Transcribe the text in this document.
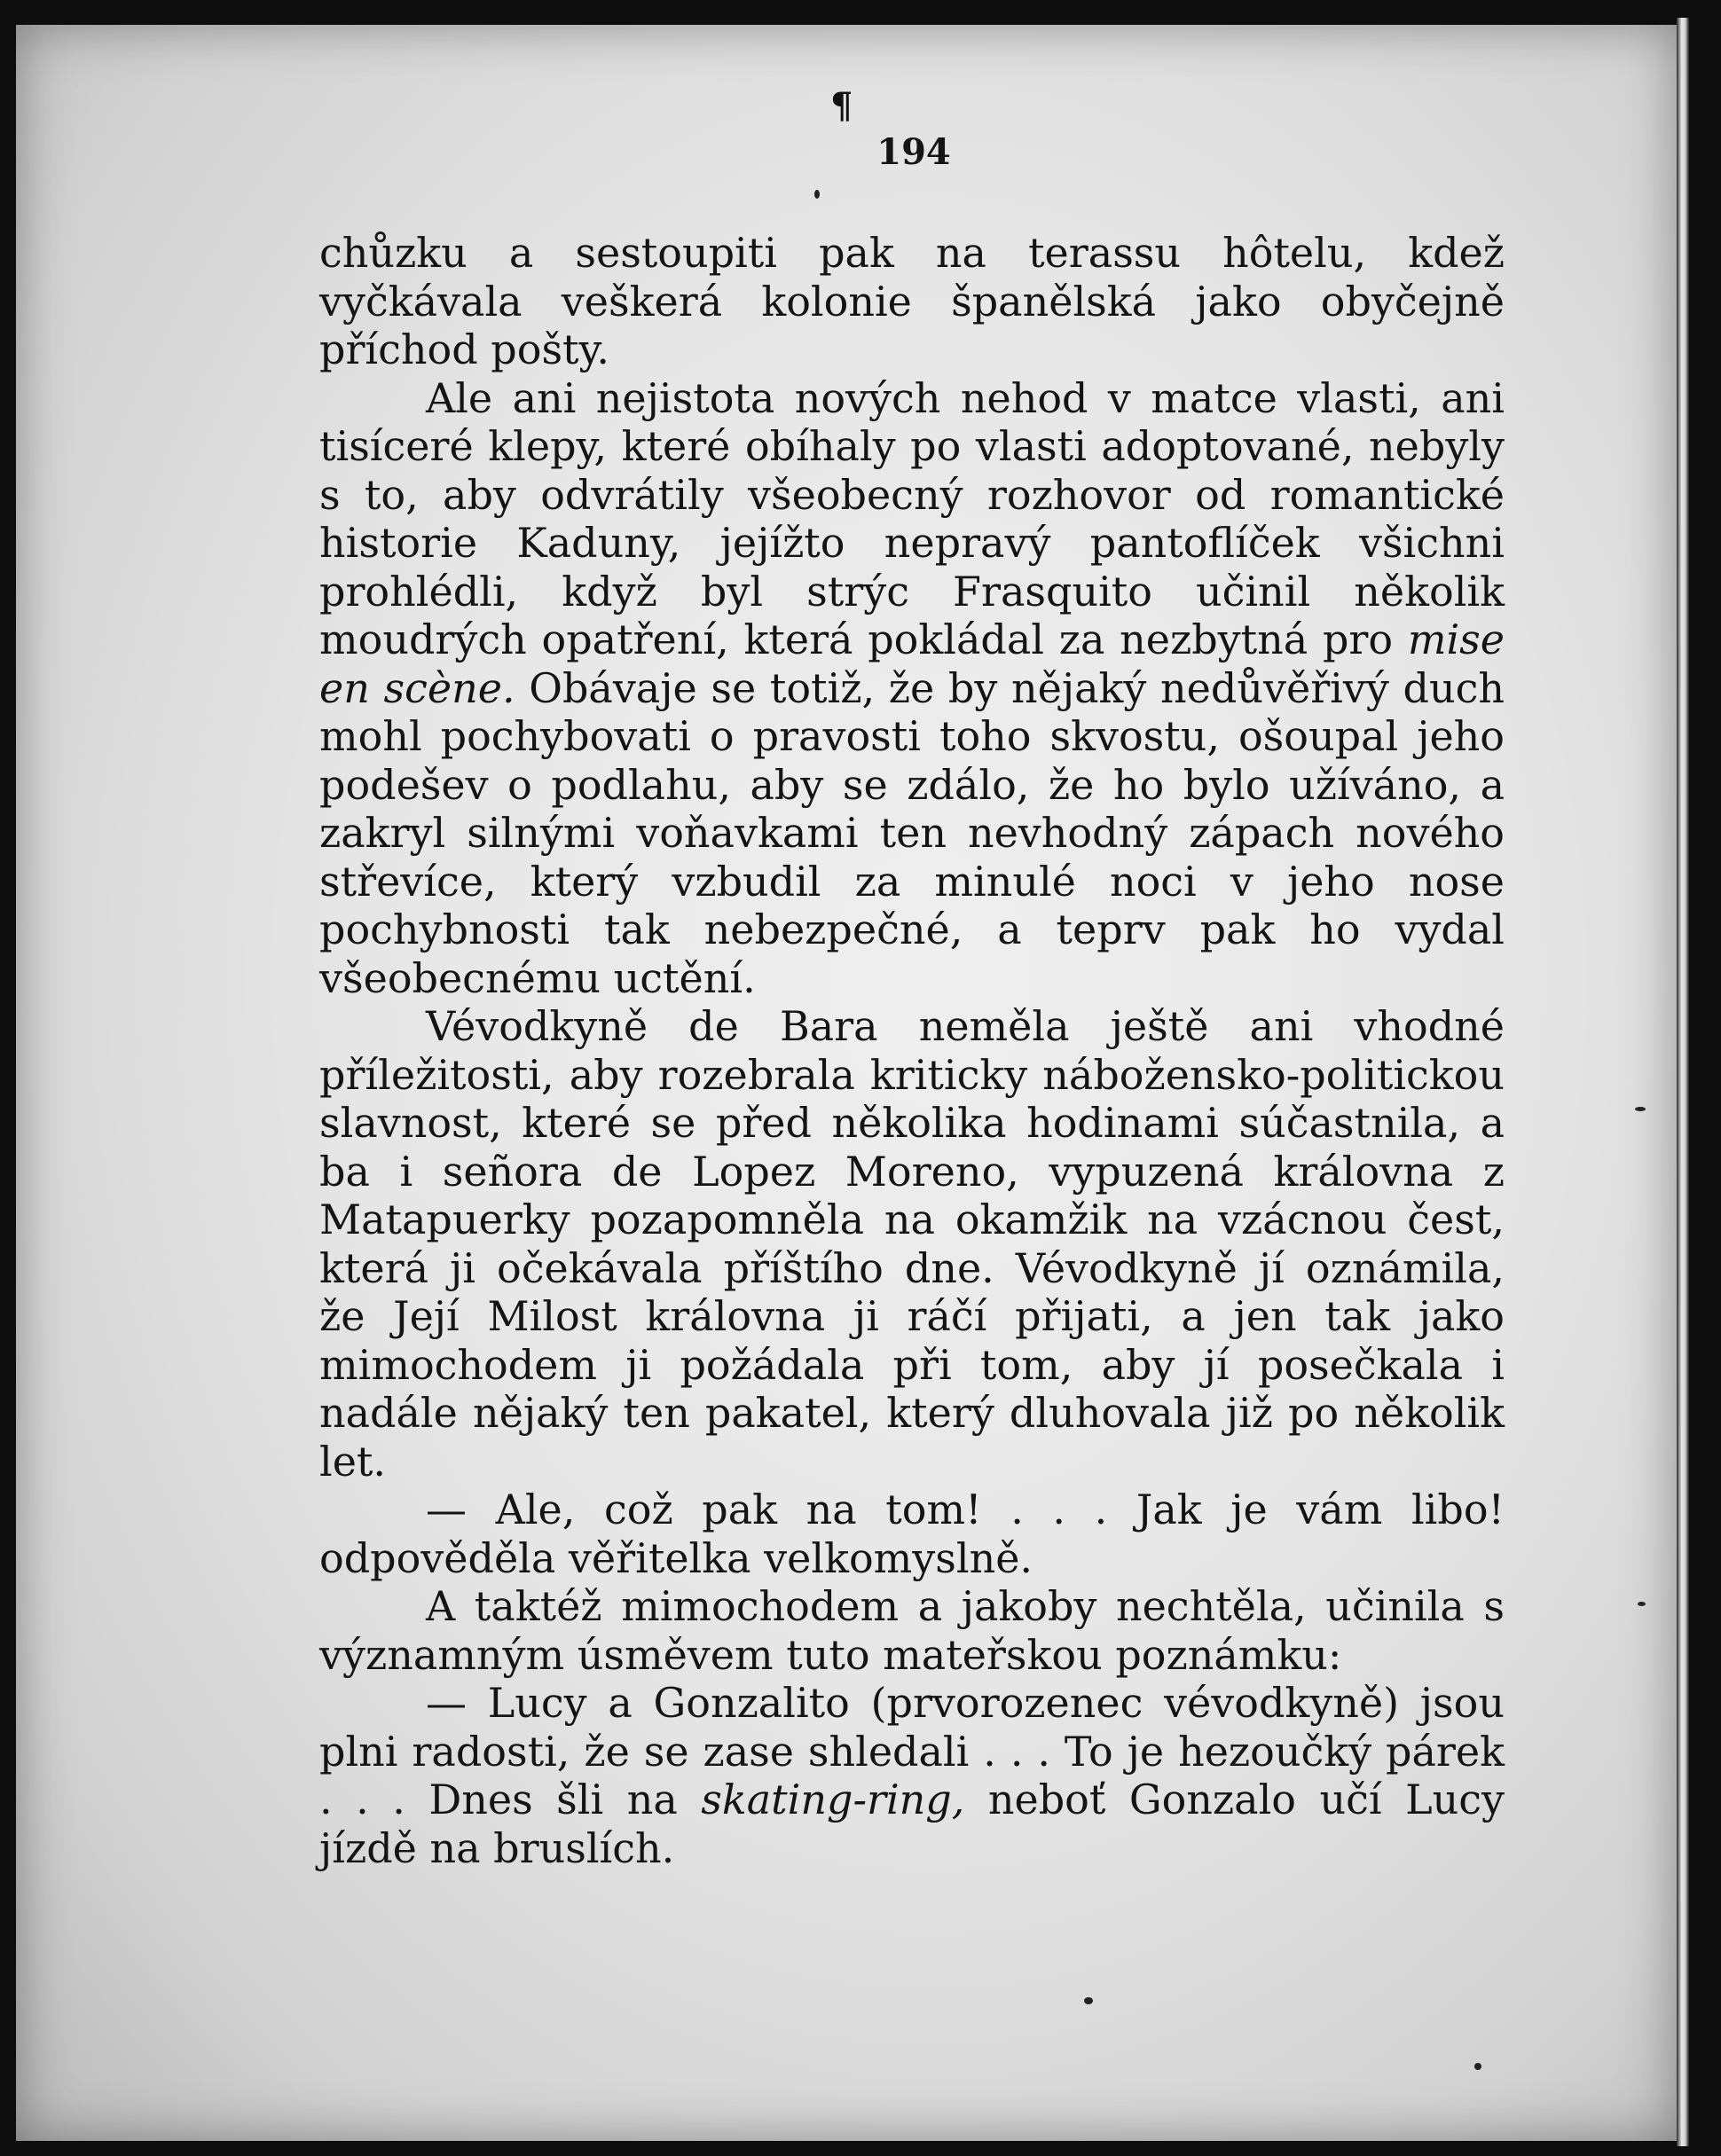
¶
194

chůzku a sestoupiti pak na terassu hôtelu, kdež vyčkávala veškerá kolonie španělská jako obyčejně příchod pošty.

Ale ani nejistota nových nehod v matce vlasti, ani tisíceré klepy, které obíhaly po vlasti adoptované, nebyly s to, aby odvrátily všeobecný rozhovor od romantické historie Kaduny, jejížto nepravý pantoflíček všichni prohlédli, když byl strýc Frasquito učinil několik moudrých opatření, která pokládal za nezbytná pro mise en scène. Obávaje se totiž, že by nějaký nedůvěřivý duch mohl pochybovati o pravosti toho skvostu, ošoupal jeho podešev o podlahu, aby se zdálo, že ho bylo užíváno, a zakryl silnými voňavkami ten nevhodný zápach nového střevíce, který vzbudil za minulé noci v jeho nose pochybnosti tak nebezpečné, a teprv pak ho vydal všeobecnému uctění.

Vévodkyně de Bara neměla ještě ani vhodné příležitosti, aby rozebrala kriticky nábožensko-politickou slavnost, které se před několika hodinami súčastnila, a ba i señora de Lopez Moreno, vypuzená královna z Matapuerky pozapomněla na okamžik na vzácnou čest, která ji očekávala příštího dne. Vévodkyně jí oznámila, že Její Milost královna ji ráčí přijati, a jen tak jako mimochodem ji požádala při tom, aby jí posečkala i nadále nějaký ten pakatel, který dluhovala již po několik let.

— Ale, což pak na tom! . . . Jak je vám libo! odpověděla věřitelka velkomyslně.

A taktéž mimochodem a jakoby nechtěla, učinila s významným úsměvem tuto mateřskou poznámku:

— Lucy a Gonzalito (prvorozenec vévodkyně) jsou plni radosti, že se zase shledali . . . To je hezoučký párek . . . Dnes šli na skating-ring, neboť Gonzalo učí Lucy jízdě na bruslích.
